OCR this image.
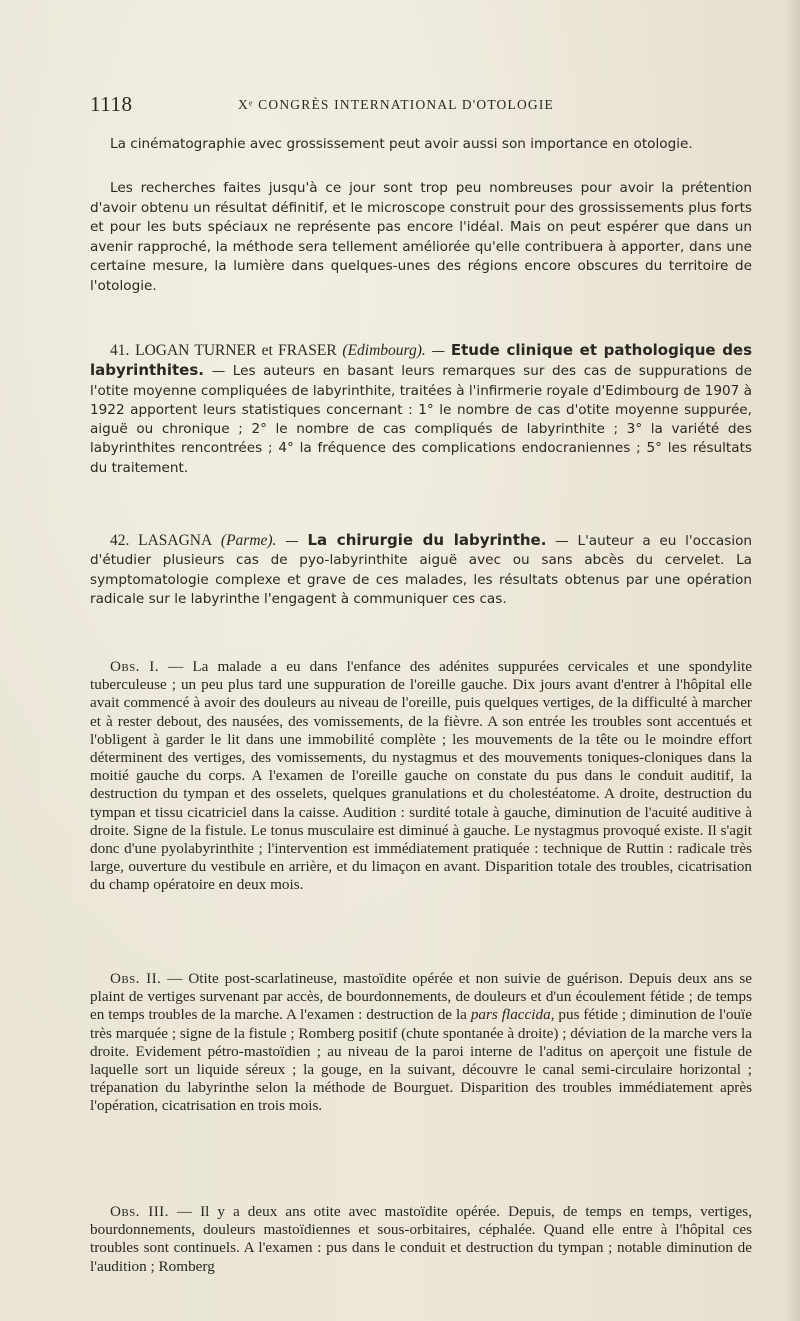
1118	Xᵉ CONGRÈS INTERNATIONAL D'OTOLOGIE

La cinématographie avec grossissement peut avoir aussi son importance en otologie.

Les recherches faites jusqu'à ce jour sont trop peu nombreuses pour avoir la prétention d'avoir obtenu un résultat définitif, et le microscope construit pour des grossissements plus forts et pour les buts spéciaux ne représente pas encore l'idéal. Mais on peut espérer que dans un avenir rapproché, la méthode sera tellement améliorée qu'elle contribuera à apporter, dans une certaine mesure, la lumière dans quelques-unes des régions encore obscures du territoire de l'otologie.

41. LOGAN TURNER et FRASER (Edimbourg). — Etude clinique et pathologique des labyrinthites. — Les auteurs en basant leurs remarques sur des cas de suppurations de l'otite moyenne compliquées de labyrinthite, traitées à l'infirmerie royale d'Edimbourg de 1907 à 1922 apportent leurs statistiques concernant : 1° le nombre de cas d'otite moyenne suppurée, aiguë ou chronique ; 2° le nombre de cas compliqués de labyrinthite ; 3° la variété des labyrinthites rencontrées ; 4° la fréquence des complications endocraniennes ; 5° les résultats du traitement.

42. LASAGNA (Parme). — La chirurgie du labyrinthe. — L'auteur a eu l'occasion d'étudier plusieurs cas de pyo-labyrinthite aiguë avec ou sans abcès du cervelet. La symptomatologie complexe et grave de ces malades, les résultats obtenus par une opération radicale sur le labyrinthe l'engagent à communiquer ces cas.

Obs. I. — La malade a eu dans l'enfance des adénites suppurées cervicales et une spondylite tuberculeuse ; un peu plus tard une suppuration de l'oreille gauche. Dix jours avant d'entrer à l'hôpital elle avait commencé à avoir des douleurs au niveau de l'oreille, puis quelques vertiges, de la difficulté à marcher et à rester debout, des nausées, des vomissements, de la fièvre. A son entrée les troubles sont accentués et l'obligent à garder le lit dans une immobilité complète ; les mouvements de la tête ou le moindre effort déterminent des vertiges, des vomissements, du nystagmus et des mouvements toniques-cloniques dans la moitié gauche du corps. A l'examen de l'oreille gauche on constate du pus dans le conduit auditif, la destruction du tympan et des osselets, quelques granulations et du cholestéatome. A droite, destruction du tympan et tissu cicatriciel dans la caisse. Audition : surdité totale à gauche, diminution de l'acuité auditive à droite. Signe de la fistule. Le tonus musculaire est diminué à gauche. Le nystagmus provoqué existe. Il s'agit donc d'une pyolabyrinthite ; l'intervention est immédiatement pratiquée : technique de Ruttin : radicale très large, ouverture du vestibule en arrière, et du limaçon en avant. Disparition totale des troubles, cicatrisation du champ opératoire en deux mois.

Obs. II. — Otite post-scarlatineuse, mastoïdite opérée et non suivie de guérison. Depuis deux ans se plaint de vertiges survenant par accès, de bourdonnements, de douleurs et d'un écoulement fétide ; de temps en temps troubles de la marche. A l'examen : destruction de la pars flaccida, pus fétide ; diminution de l'ouïe très marquée ; signe de la fistule ; Romberg positif (chute spontanée à droite) ; déviation de la marche vers la droite. Evidement pétro-mastoïdien ; au niveau de la paroi interne de l'aditus on aperçoit une fistule de laquelle sort un liquide séreux ; la gouge, en la suivant, découvre le canal semi-circulaire horizontal ; trépanation du labyrinthe selon la méthode de Bourguet. Disparition des troubles immédiatement après l'opération, cicatrisation en trois mois.

Obs. III. — Il y a deux ans otite avec mastoïdite opérée. Depuis, de temps en temps, vertiges, bourdonnements, douleurs mastoïdiennes et sous-orbitaires, céphalée. Quand elle entre à l'hôpital ces troubles sont continuels. A l'examen : pus dans le conduit et destruction du tympan ; notable diminution de l'audition ; Romberg
